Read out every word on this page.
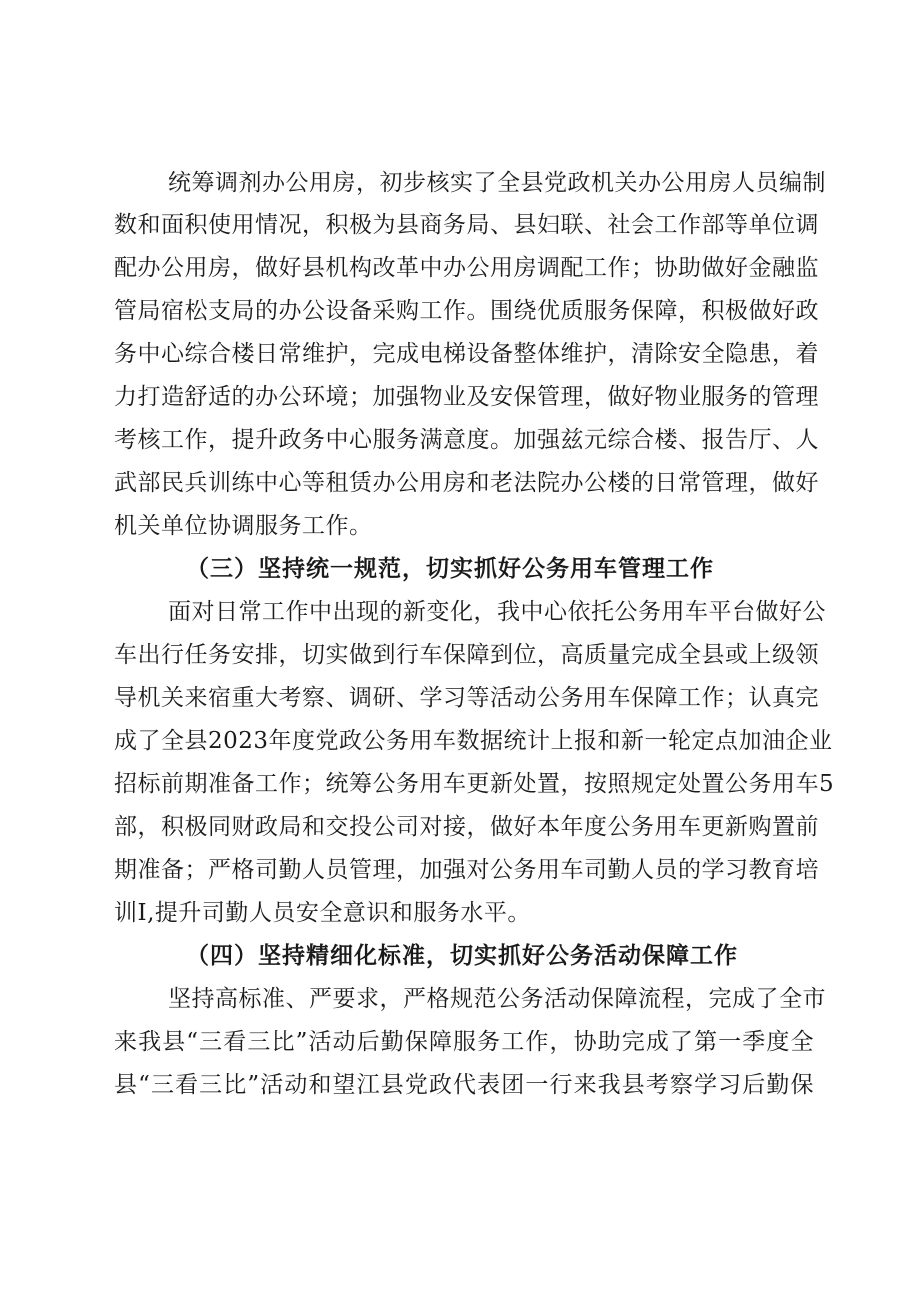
统筹调剂办公用房，初步核实了全县党政机关办公用房人员编制
数和面积使用情况，积极为县商务局、县妇联、社会工作部等单位调
配办公用房，做好县机构改革中办公用房调配工作；协助做好金融监
管局宿松支局的办公设备采购工作。围绕优质服务保障，积极做好政
务中心综合楼日常维护，完成电梯设备整体维护，清除安全隐患，着
力打造舒适的办公环境；加强物业及安保管理，做好物业服务的管理
考核工作，提升政务中心服务满意度。加强兹元综合楼、报告厅、人
武部民兵训练中心等租赁办公用房和老法院办公楼的日常管理，做好
机关单位协调服务工作。
（三）坚持统一规范，切实抓好公务用车管理工作
面对日常工作中出现的新变化，我中心依托公务用车平台做好公
车出行任务安排，切实做到行车保障到位，高质量完成全县或上级领
导机关来宿重大考察、调研、学习等活动公务用车保障工作；认真完
成了全县2023年度党政公务用车数据统计上报和新一轮定点加油企业
招标前期准备工作；统筹公务用车更新处置，按照规定处置公务用车5
部，积极同财政局和交投公司对接，做好本年度公务用车更新购置前
期准备；严格司勤人员管理，加强对公务用车司勤人员的学习教育培
训I,提升司勤人员安全意识和服务水平。
（四）坚持精细化标准，切实抓好公务活动保障工作
坚持高标准、严要求，严格规范公务活动保障流程，完成了全市
来我县“三看三比”活动后勤保障服务工作，协助完成了第一季度全
县“三看三比”活动和望江县党政代表团一行来我县考察学习后勤保
